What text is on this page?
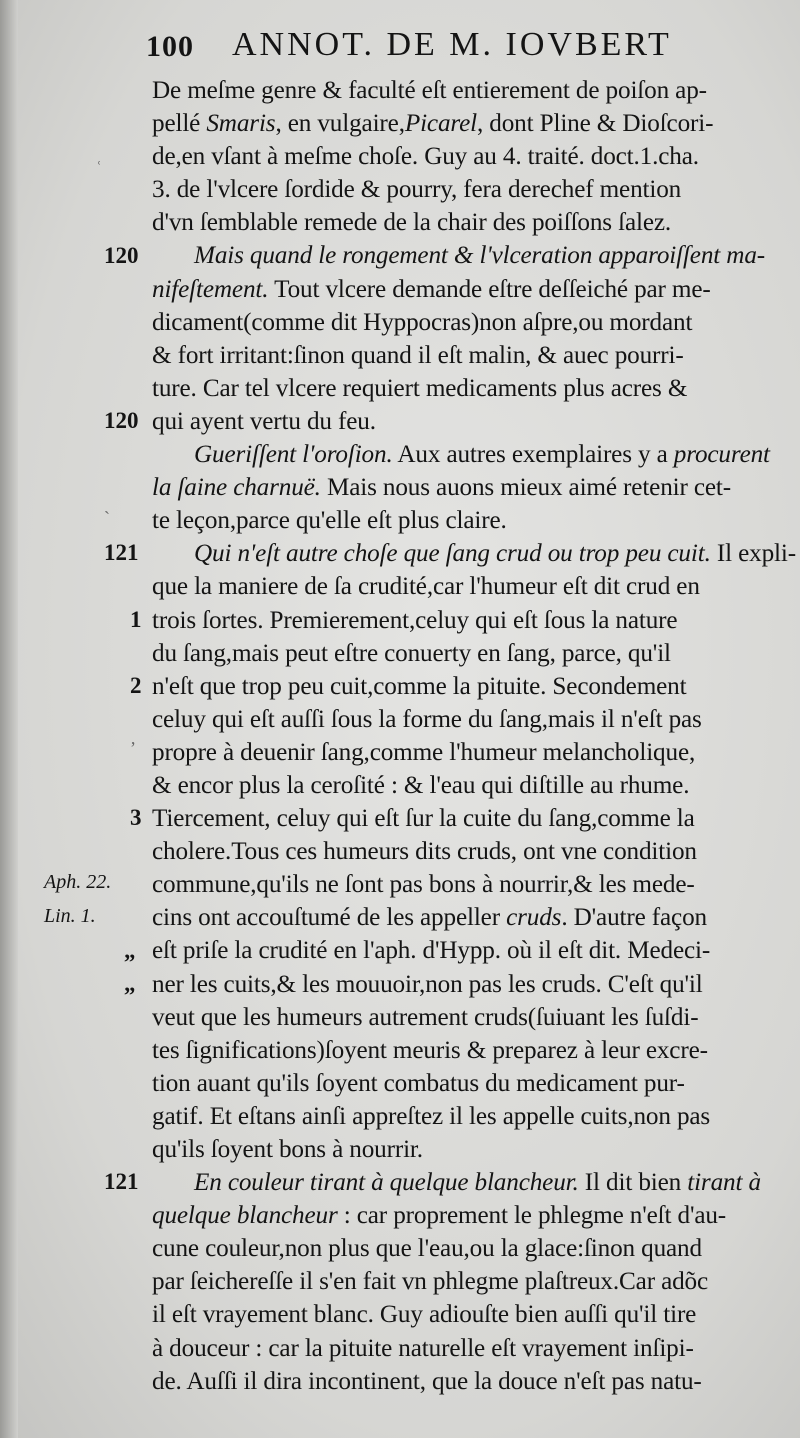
100 ANNOT. DE M. IOVBERT
De meſme genre & faculté eſt entierement de poiſon ap-
pellé Smaris, en vulgaire,Picarel, dont Pline & Dioſcori-
de,en vſant à meſme choſe. Guy au 4. traité. doct.1.cha.
3. de l'vlcere ſordide & pourry, fera derechef mention
d'vn ſemblable remede de la chair des poiſſons ſalez.
Mais quand le rongement & l'vlceration apparoiſſent ma-
nifeſtement. Tout vlcere demande eſtre deſſeiché par me-
dicament(comme dit Hyppocras)non aſpre,ou mordant
& fort irritant:ſinon quand il eſt malin, & auec pourri-
ture. Car tel vlcere requiert medicaments plus acres &
qui ayent vertu du feu.
Gueriſſent l'oroſion. Aux autres exemplaires y a procurent
la ſaine charnuë. Mais nous auons mieux aimé retenir cet-
te leçon,parce qu'elle eſt plus claire.
Qui n'eſt autre choſe que ſang crud ou trop peu cuit. Il expli-
que la maniere de ſa crudité,car l'humeur eſt dit crud en
trois ſortes. Premierement,celuy qui eſt ſous la nature
du ſang,mais peut eſtre conuerty en ſang, parce, qu'il
n'eſt que trop peu cuit,comme la pituite. Secondement
celuy qui eſt auſſi ſous la forme du ſang,mais il n'eſt pas
propre à deuenir ſang,comme l'humeur melancholique,
& encor plus la ceroſité : & l'eau qui diſtille au rhume.
Tiercement, celuy qui eſt ſur la cuite du ſang,comme la
cholere.Tous ces humeurs dits cruds, ont vne condition
commune,qu'ils ne ſont pas bons à nourrir,& les mede-
cins ont accouſtumé de les appeller cruds. D'autre façon
eſt priſe la crudité en l'aph. d'Hypp. où il eſt dit. Medeci-
ner les cuits,& les mouuoir,non pas les cruds. C'eſt qu'il
veut que les humeurs autrement cruds(ſuiuant les ſuſdi-
tes ſignifications)ſoyent meuris & preparez à leur excre-
tion auant qu'ils ſoyent combatus du medicament pur-
gatif. Et eſtans ainſi appreſtez il les appelle cuits,non pas
qu'ils ſoyent bons à nourrir.
En couleur tirant à quelque blancheur. Il dit bien tirant à
quelque blancheur : car proprement le phlegme n'eſt d'au-
cune couleur,non plus que l'eau,ou la glace:ſinon quand
par ſeichereſſe il s'en fait vn phlegme plaſtreux.Car adõc
il eſt vrayement blanc. Guy adiouſte bien auſſi qu'il tire
à douceur : car la pituite naturelle eſt vrayement inſipi-
de. Auſſi il dira incontinent, que la douce n'eſt pas natu-
120
120
121
1
2
3
Aph. 22.
Lin. 1.
„
„
121
ʿ
ˋ
ʼ
